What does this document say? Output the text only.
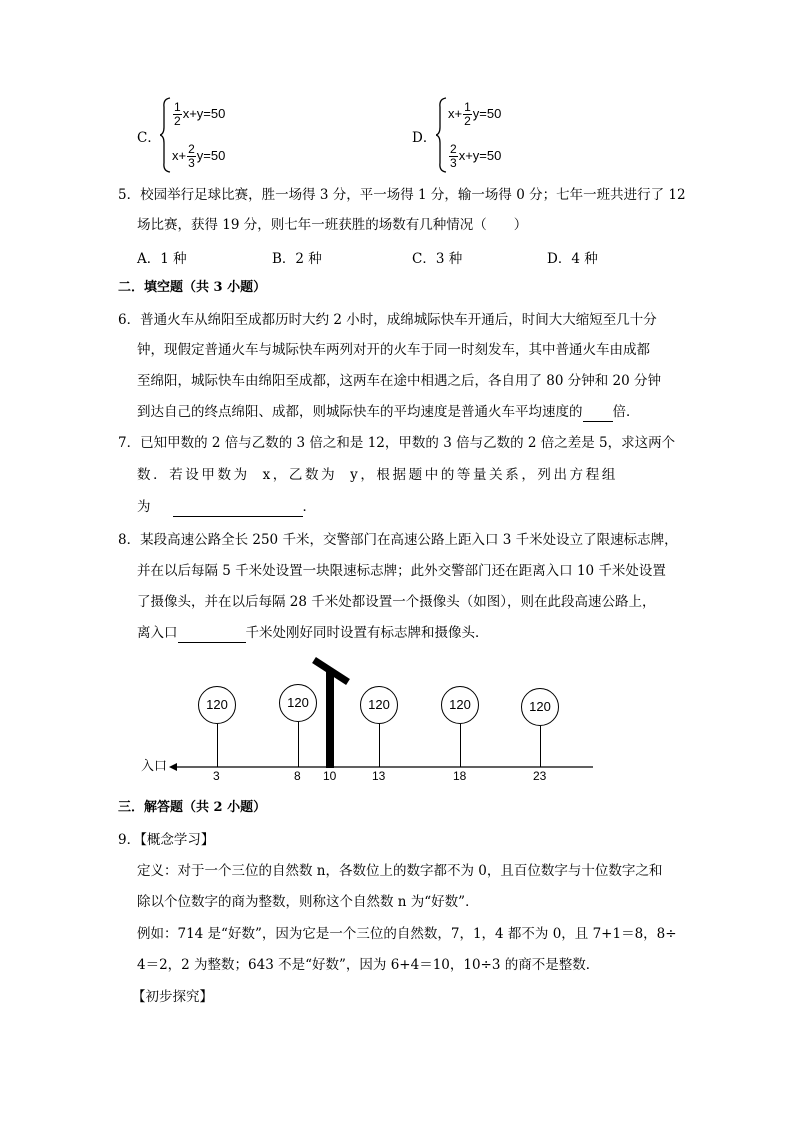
C．
$\frac{1}{2} x+y=50$
$x+ \frac{2}{3} y=50$
D．
$x+ \frac{1}{2} y=50$
$\frac{2}{3} x+y=50$
5．校园举行足球比赛，胜一场得 3 分，平一场得 1 分，输一场得 0 分；七年一班共进行了 12
场比赛，获得 19 分，则七年一班获胜的场数有几种情况（　　）
A．1 种	B．2 种	C．3 种	D．4 种
二．填空题（共 3 小题）
6．普通火车从绵阳至成都历时大约 2 小时，成绵城际快车开通后，时间大大缩短至几十分
钟，现假定普通火车与城际快车两列对开的火车于同一时刻发车，其中普通火车由成都
至绵阳，城际快车由绵阳至成都，这两车在途中相遇之后，各自用了 80 分钟和 20 分钟
到达自己的终点绵阳、成都，则城际快车的平均速度是普通火车平均速度的 倍．
7．已知甲数的 2 倍与乙数的 3 倍之和是 12，甲数的 3 倍与乙数的 2 倍之差是 5，求这两个
数．若设甲数为 x，乙数为 y，根据题中的等量关系，列出方程组
为	．
8．某段高速公路全长 250 千米，交警部门在高速公路上距入口 3 千米处设立了限速标志牌，
并在以后每隔 5 千米处设置一块限速标志牌；此外交警部门还在距离入口 10 千米处设置
了摄像头，并在以后每隔 28 千米处都设置一个摄像头（如图），则在此段高速公路上，
离入口	千米处刚好同时设置有标志牌和摄像头．
入口
120
3
120
8
120
13
120
18
120
23
10
三．解答题（共 2 小题）
9．【概念学习】
定义：对于一个三位的自然数 n，各数位上的数字都不为 0，且百位数字与十位数字之和
除以个位数字的商为整数，则称这个自然数 n 为“好数”．
例如：714 是“好数”，因为它是一个三位的自然数，7，1，4 都不为 0，且 7+1＝8，8÷
4＝2，2 为整数；643 不是“好数”，因为 6+4＝10，10÷3 的商不是整数．
【初步探究】
